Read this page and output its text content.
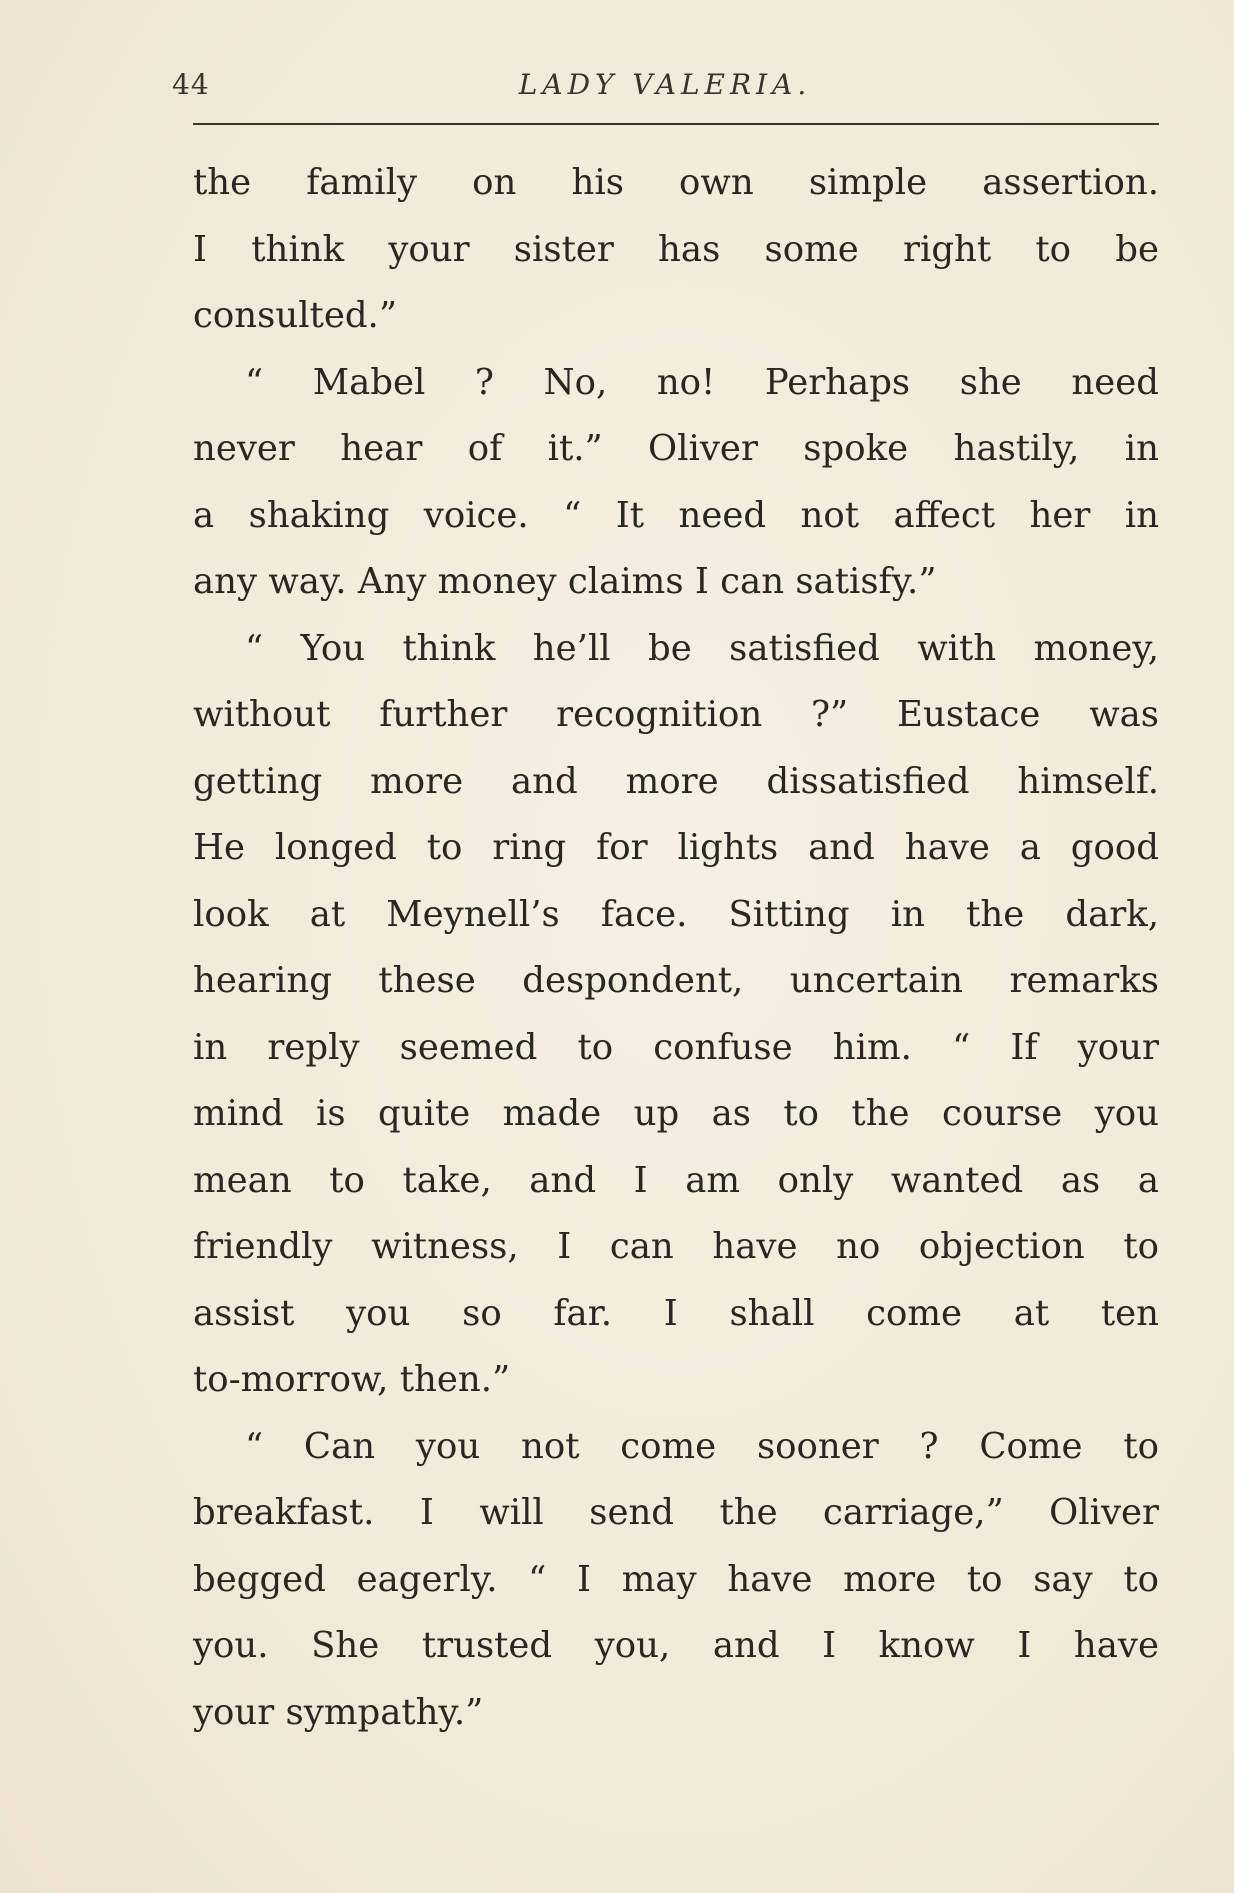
44	LADY VALERIA.
the family on his own simple assertion.
I think your sister has some right to be
consulted.”
“ Mabel ? No, no! Perhaps she need
never hear of it.” Oliver spoke hastily, in
a shaking voice. “ It need not affect her in
any way. Any money claims I can satisfy.”
“ You think he’ll be satisfied with money,
without further recognition ?” Eustace was
getting more and more dissatisfied himself.
He longed to ring for lights and have a good
look at Meynell’s face. Sitting in the dark,
hearing these despondent, uncertain remarks
in reply seemed to confuse him. “ If your
mind is quite made up as to the course you
mean to take, and I am only wanted as a
friendly witness, I can have no objection to
assist you so far. I shall come at ten
to-morrow, then.”
“ Can you not come sooner ? Come to
breakfast. I will send the carriage,” Oliver
begged eagerly. “ I may have more to say to
you. She trusted you, and I know I have
your sympathy.”
